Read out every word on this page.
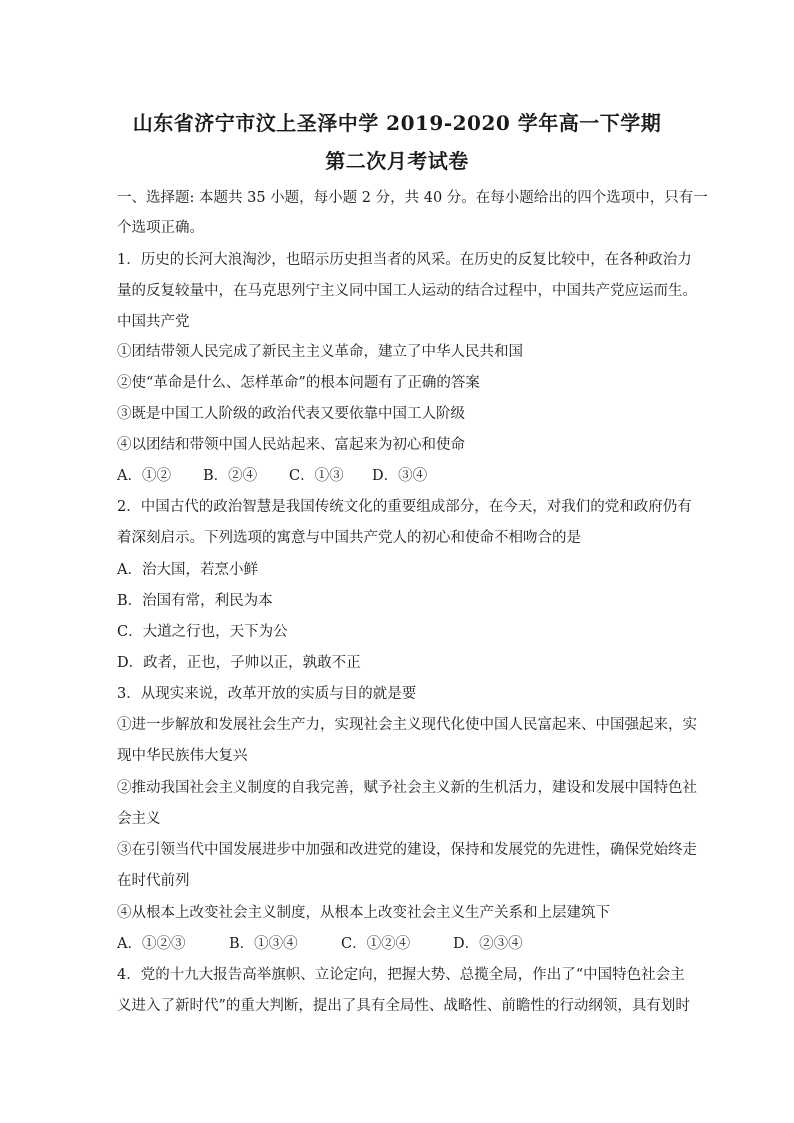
山东省济宁市汶上圣泽中学 2019-2020 学年高一下学期
第二次月考试卷
一、选择题: 本题共 35 小题，每小题 2 分，共 40 分。在每小题给出的四个选项中，只有一
个选项正确。
1．历史的长河大浪淘沙，也昭示历史担当者的风采。在历史的反复比较中，在各种政治力
量的反复较量中，在马克思列宁主义同中国工人运动的结合过程中，中国共产党应运而生。
中国共产党
①团结带领人民完成了新民主主义革命，建立了中华人民共和国
②使“革命是什么、怎样革命”的根本问题有了正确的答案
③既是中国工人阶级的政治代表又要依靠中国工人阶级
④以团结和带领中国人民站起来、富起来为初心和使命
A．①②	B．②④	C．①③	D．③④
2．中国古代的政治智慧是我国传统文化的重要组成部分，在今天，对我们的党和政府仍有
着深刻启示。下列选项的寓意与中国共产党人的初心和使命不相吻合的是
A．治大国，若烹小鲜
B．治国有常，利民为本
C．大道之行也，天下为公
D．政者，正也，子帅以正，孰敢不正
3．从现实来说，改革开放的实质与目的就是要
①进一步解放和发展社会生产力，实现社会主义现代化使中国人民富起来、中国强起来，实
现中华民族伟大复兴
②推动我国社会主义制度的自我完善，赋予社会主义新的生机活力，建设和发展中国特色社
会主义
③在引领当代中国发展进步中加强和改进党的建设，保持和发展党的先进性，确保党始终走
在时代前列
④从根本上改变社会主义制度，从根本上改变社会主义生产关系和上层建筑下
A．①②③	B．①③④	C．①②④	D．②③④
4．党的十九大报告高举旗帜、立论定向，把握大势、总揽全局，作出了“中国特色社会主
义进入了新时代”的重大判断，提出了具有全局性、战略性、前瞻性的行动纲领，具有划时
